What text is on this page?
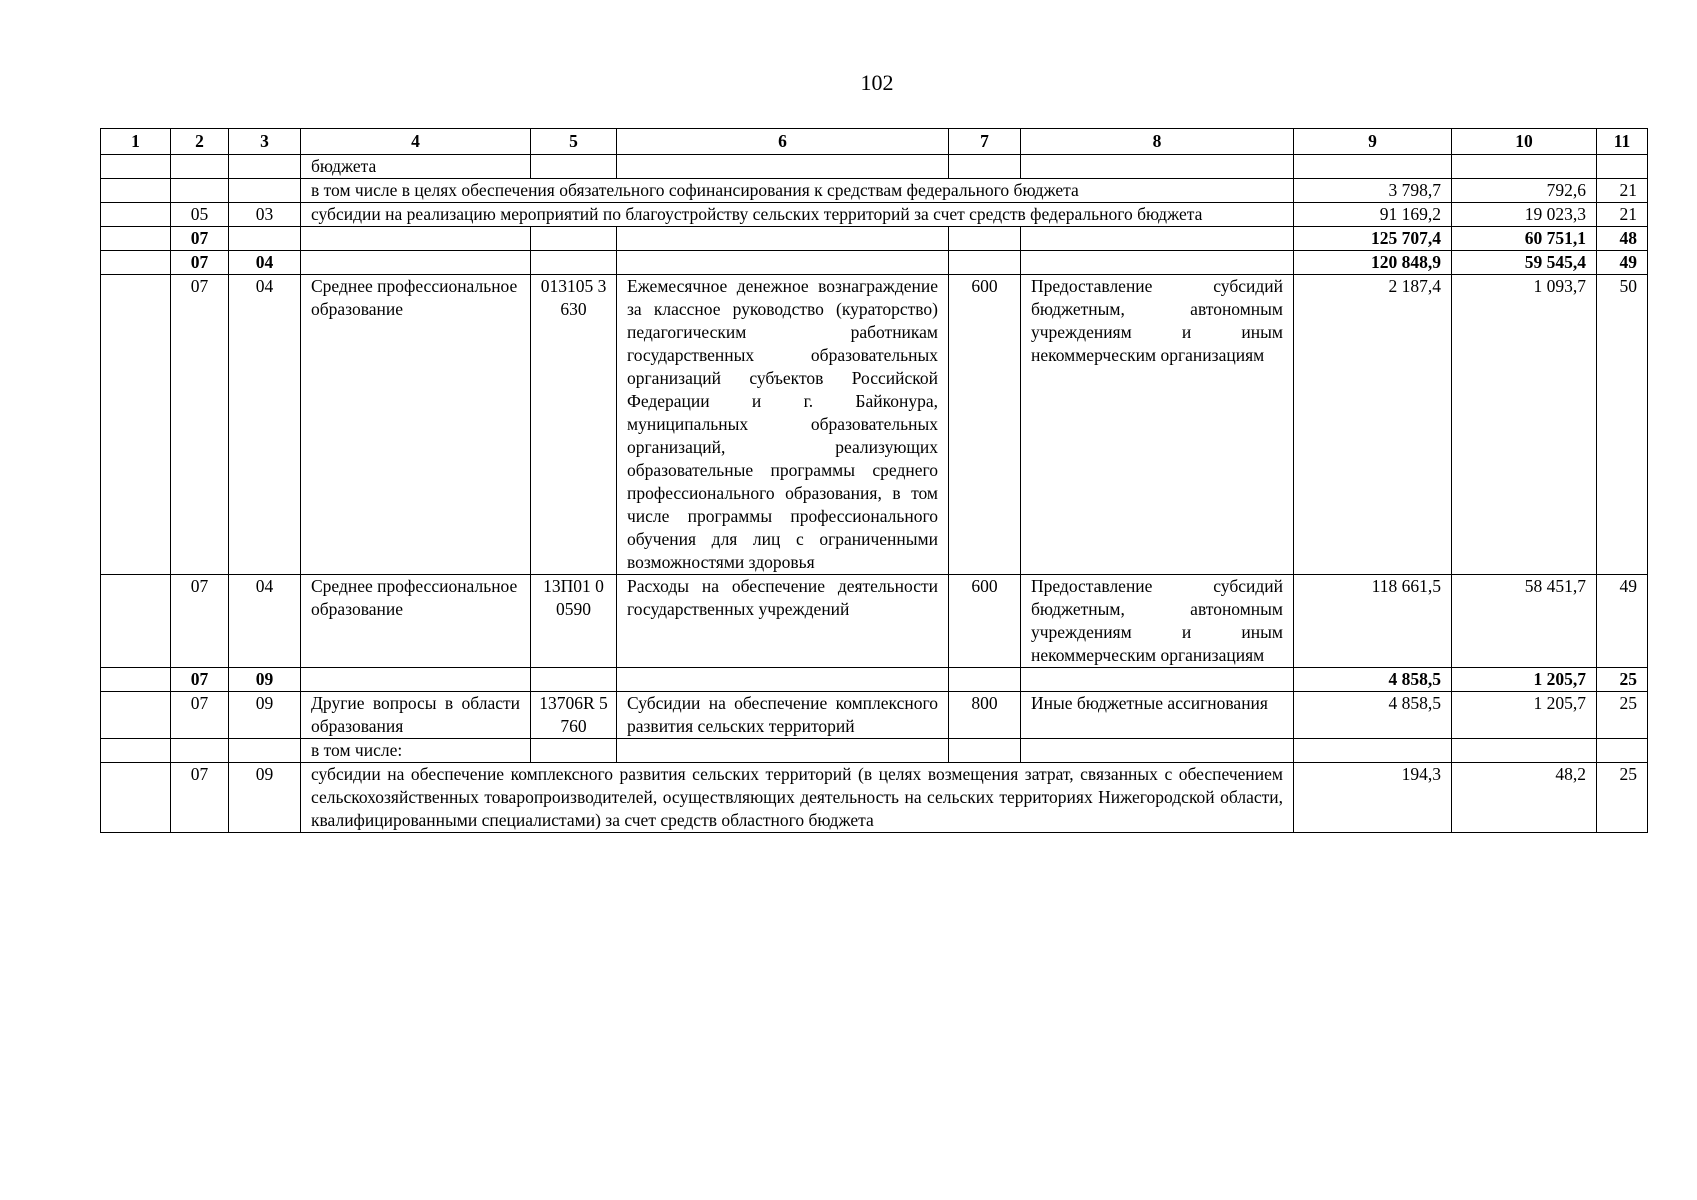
102
1	2	3	4	5	6	7	8	9	10	11
			бюджета							
			в том числе в целях обеспечения обязательного софинансирования к средствам федерального бюджета					3 798,7	792,6	21
	05	03	субсидии на реализацию мероприятий по благоустройству сельских территорий за счет средств федерального бюджета					91 169,2	19 023,3	21
	07							125 707,4	60 751,1	48
	07	04						120 848,9	59 545,4	49
	07	04	Среднее профессиональное образование	013105 3630	Ежемесячное денежное вознаграждение за классное руководство (кураторство) педагогическим работникам государственных образовательных организаций субъектов Российской Федерации и г. Байконура, муниципальных образовательных организаций, реализующих образовательные программы среднего профессионального образования, в том числе программы профессионального обучения для лиц с ограниченными возможностями здоровья	600	Предоставление субсидий бюджетным, автономным учреждениям и иным некоммерческим организациям	2 187,4	1 093,7	50
	07	04	Среднее профессиональное образование	13П01 00590	Расходы на обеспечение деятельности государственных учреждений	600	Предоставление субсидий бюджетным, автономным учреждениям и иным некоммерческим организациям	118 661,5	58 451,7	49
	07	09						4 858,5	1 205,7	25
	07	09	Другие вопросы в области образования	13706R 5760	Субсидии на обеспечение комплексного развития сельских территорий	800	Иные бюджетные ассигнования	4 858,5	1 205,7	25
			в том числе:							
	07	09	субсидии на обеспечение комплексного развития сельских территорий (в целях возмещения затрат, связанных с обеспечением сельскохозяйственных товаропроизводителей, осуществляющих деятельность на сельских территориях Нижегородской области, квалифицированными специалистами) за счет средств областного бюджета					194,3	48,2	25
